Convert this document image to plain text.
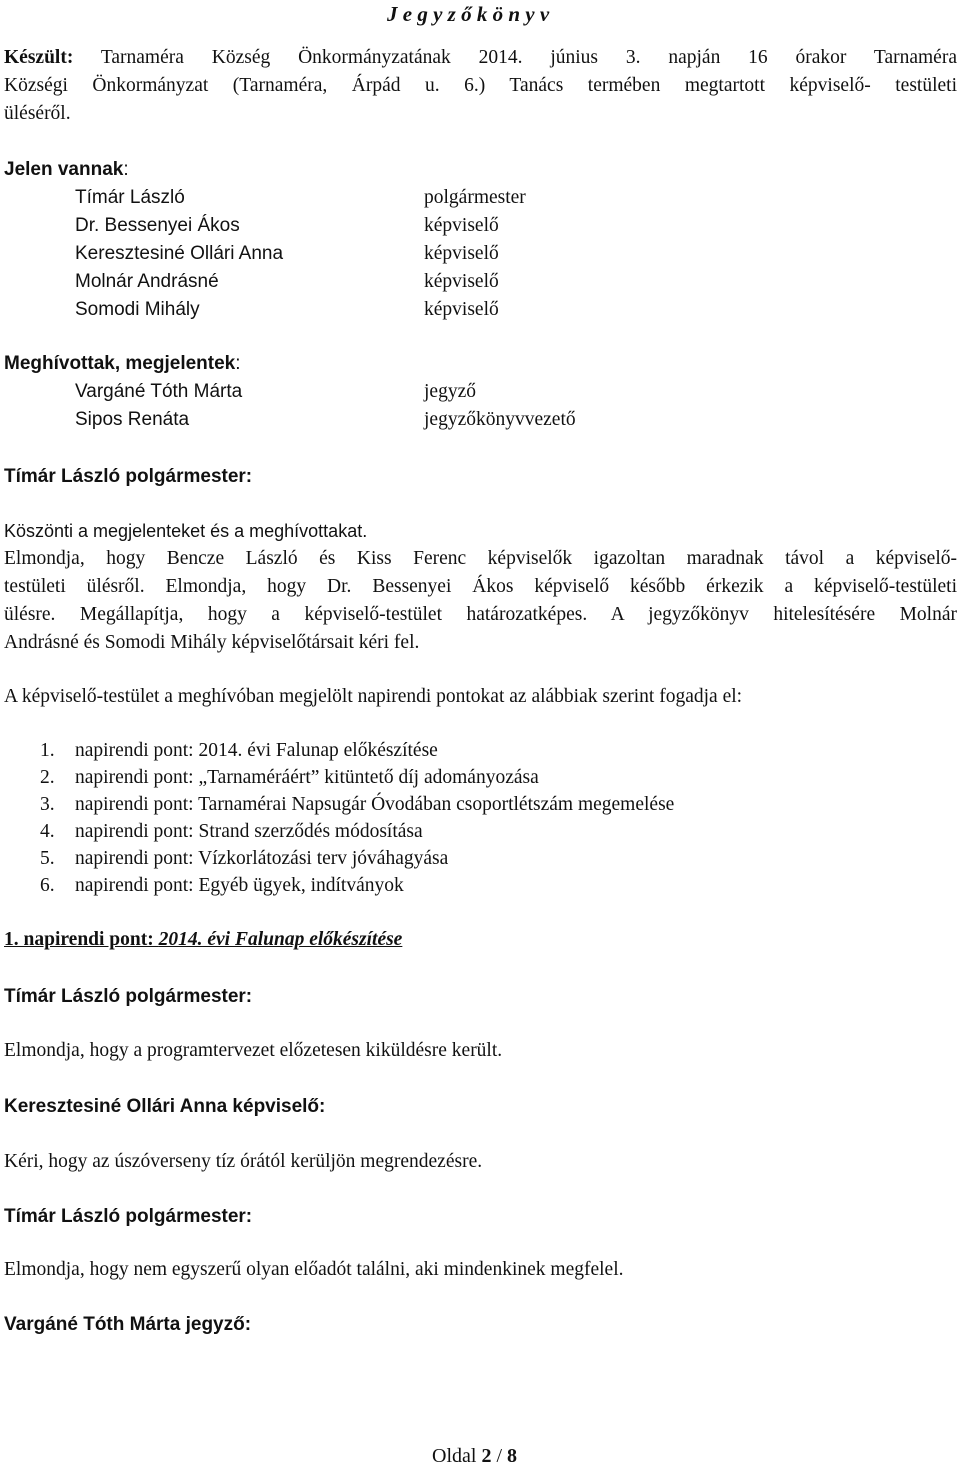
J e g y z ő k ö n y v
Készült: Tarnaméra Község Önkormányzatának 2014. június 3. napján 16 órakor Tarnaméra
Községi Önkormányzat (Tarnaméra, Árpád u. 6.) Tanács termében megtartott képviselő- testületi
üléséről.
Jelen vannak:
Tímár László	polgármester
Dr. Bessenyei Ákos	képviselő
Keresztesiné Ollári Anna	képviselő
Molnár Andrásné	képviselő
Somodi Mihály	képviselő
Meghívottak, megjelentek:
Vargáné Tóth Márta	jegyző
Sipos Renáta	jegyzőkönyvvezető
Tímár László polgármester:
Köszönti a megjelenteket és a meghívottakat.
Elmondja, hogy Bencze László és Kiss Ferenc képviselők igazoltan maradnak távol a képviselő-
testületi ülésről. Elmondja, hogy Dr. Bessenyei Ákos képviselő később érkezik a képviselő-testületi
ülésre. Megállapítja, hogy a képviselő-testület határozatképes. A jegyzőkönyv hitelesítésére Molnár
Andrásné és Somodi Mihály képviselőtársait kéri fel.
A képviselő-testület a meghívóban megjelölt napirendi pontokat az alábbiak szerint fogadja el:
1. napirendi pont: 2014. évi Falunap előkészítése
2. napirendi pont: „Tarnaméráért” kitüntető díj adományozása
3. napirendi pont: Tarnamérai Napsugár Óvodában csoportlétszám megemelése
4. napirendi pont: Strand szerződés módosítása
5. napirendi pont: Vízkorlátozási terv jóváhagyása
6. napirendi pont: Egyéb ügyek, indítványok
1. napirendi pont: 2014. évi Falunap előkészítése
Tímár László polgármester:
Elmondja, hogy a programtervezet előzetesen kiküldésre került.
Keresztesiné Ollári Anna képviselő:
Kéri, hogy az úszóverseny tíz órától kerüljön megrendezésre.
Tímár László polgármester:
Elmondja, hogy nem egyszerű olyan előadót találni, aki mindenkinek megfelel.
Vargáné Tóth Márta jegyző:
Oldal 2 / 8
